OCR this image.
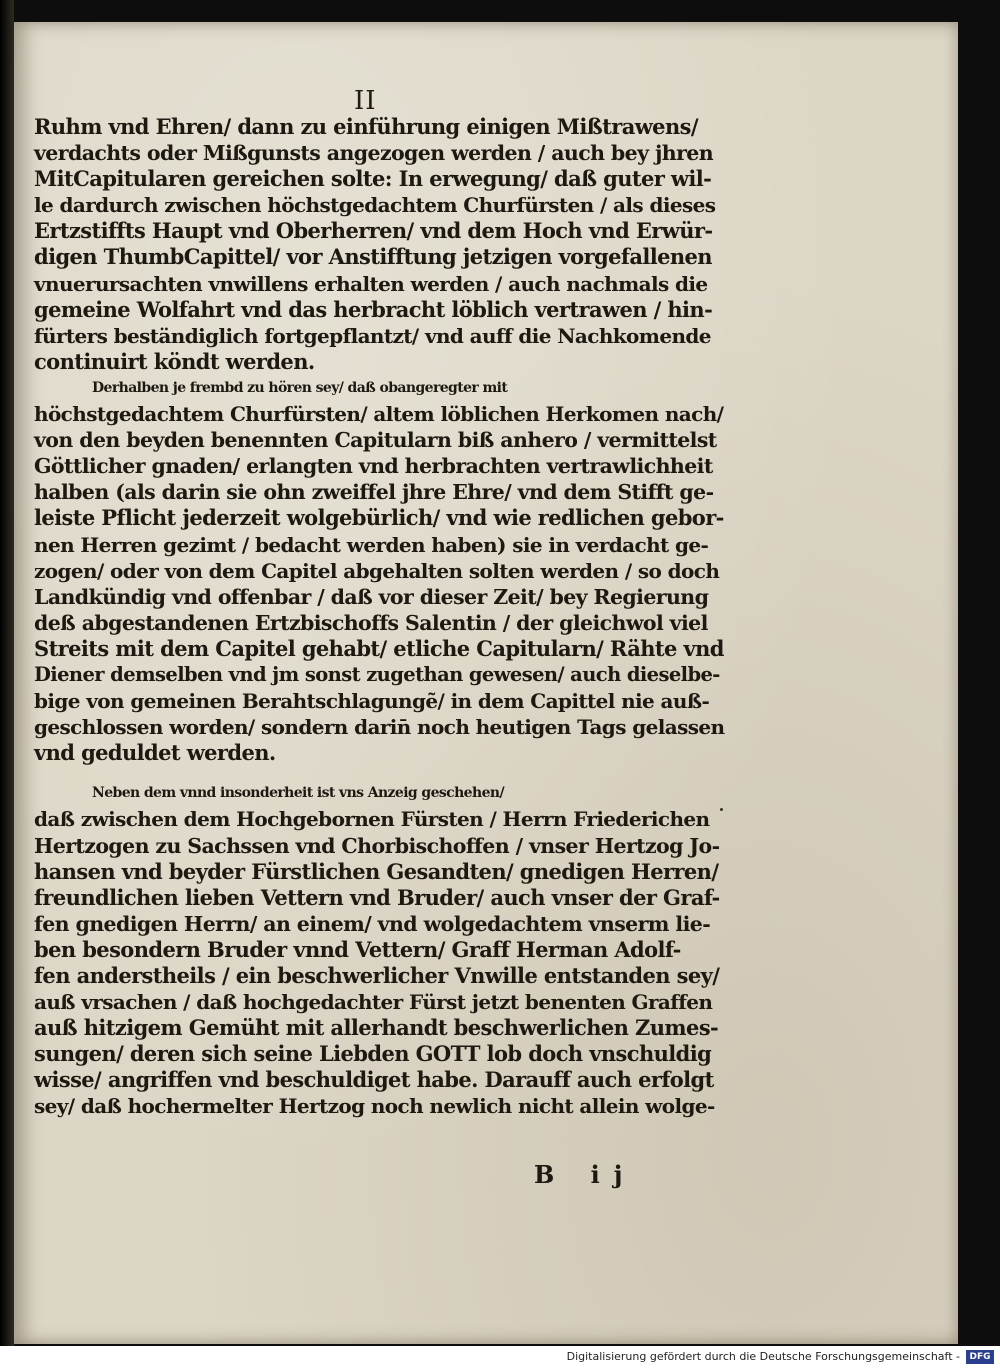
II
Ruhm vnd Ehren/ dann zu einführung einigen Mißtrawens/
verdachts oder Mißgunsts angezogen werden / auch bey jhren
MitCapitularen gereichen solte: In erwegung/ daß guter wil-
le dardurch zwischen höchstgedachtem Churfürsten / als dieses
Ertzstiffts Haupt vnd Oberherren/ vnd dem Hoch vnd Erwür-
digen ThumbCapittel/ vor Anstifftung jetzigen vorgefallenen
vnuerursachten vnwillens erhalten werden / auch nachmals die
gemeine Wolfahrt vnd das herbracht löblich vertrawen / hin-
fürters beständiglich fortgepflantzt/ vnd auff die Nachkomende
continuirt köndt werden.
Derhalben je frembd zu hören sey/ daß obangeregter mit
höchstgedachtem Churfürsten/ altem löblichen Herkomen nach/
von den beyden benennten Capitularn biß anhero / vermittelst
Göttlicher gnaden/ erlangten vnd herbrachten vertrawlichheit
halben (als darin sie ohn zweiffel jhre Ehre/ vnd dem Stifft ge-
leiste Pflicht jederzeit wolgebürlich/ vnd wie redlichen gebor-
nen Herren gezimt / bedacht werden haben) sie in verdacht ge-
zogen/ oder von dem Capitel abgehalten solten werden / so doch
Landkündig vnd offenbar / daß vor dieser Zeit/ bey Regierung
deß abgestandenen Ertzbischoffs Salentin / der gleichwol viel
Streits mit dem Capitel gehabt/ etliche Capitularn/ Rähte vnd
Diener demselben vnd jm sonst zugethan gewesen/ auch dieselbe-
bige von gemeinen Berahtschlagungẽ/ in dem Capittel nie auß-
geschlossen worden/ sondern darin̄ noch heutigen Tags gelassen
vnd geduldet werden.
Neben dem vnnd insonderheit ist vns Anzeig geschehen/
daß zwischen dem Hochgebornen Fürsten / Herrn Friederichen
Hertzogen zu Sachssen vnd Chorbischoffen / vnser Hertzog Jo-
hansen vnd beyder Fürstlichen Gesandten/ gnedigen Herren/
freundlichen lieben Vettern vnd Bruder/ auch vnser der Graf-
fen gnedigen Herrn/ an einem/ vnd wolgedachtem vnserm lie-
ben besondern Bruder vnnd Vettern/ Graff Herman Adolf-
fen anderstheils / ein beschwerlicher Vnwille entstanden sey/
auß vrsachen / daß hochgedachter Fürst jetzt benenten Graffen
auß hitzigem Gemüht mit allerhandt beschwerlichen Zumes-
sungen/ deren sich seine Liebden GOTT lob doch vnschuldig
wisse/ angriffen vnd beschuldiget habe. Darauff auch erfolgt
sey/ daß hochermelter Hertzog noch newlich nicht allein wolge-
B ij
Digitalisierung gefördert durch die Deutsche Forschungsgemeinschaft -	DFG
